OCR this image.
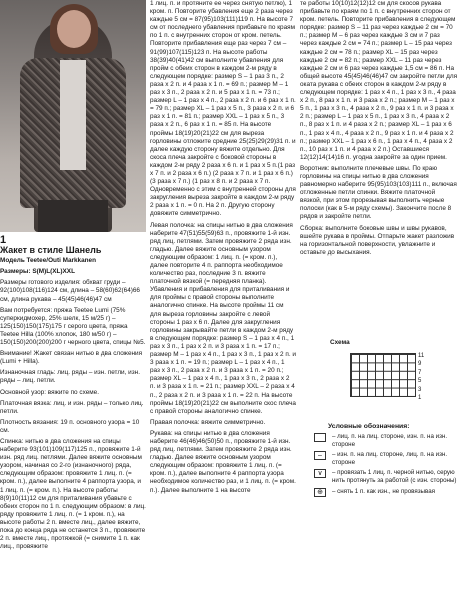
1
Жакет в стиле Шанель

Модель Teetee/Outi Markkanen

Размеры: S(M)L(XL)XXL

Размеры готового изделия: обхват груди – 92(100)108(116)124 см, длина – 58(60)62(64)66 см, длина рукава – 45(45)46(46)47 см

Вам потребуется: пряжа Teetee Lumi (75% суперкидмохер, 25% шелк, 15 м/25 г) – 125(150)150(175)175 г серого цвета, пряжа Teetee Hilla (100% хлопок, 180 м/50 г) – 150(150)200(200)200 г черного цвета, спицы №5.

Внимание! Жакет связан нитью в два сложения (Lumi + Hilla).

Изнаночная гладь: лиц. ряды – изн. петли, изн. ряды – лиц. петли.

Основной узор: вяжите по схеме.

Платочная вязка: лиц. и изн. ряды – только лиц. петли.

Плотность вязания: 19 п. основного узора = 10 см.

Спинка: нитью в два сложения на спицы наберите 93(101)109(117)125 п., провяжите 1-й изн. ряд лиц. петлями. Далее вяжите основным узором, начиная со 2-го (изнаночного) ряда, следующим образом: провяжите 1 лиц. п. (= кром. п.), далее выполните 4 раппорта узора, и 1 лиц. п. (= кром. п.). На высоте работы 8(9)10(11)12 см для приталивания убавьте с обеих сторон по 1 п. следующим образом: в лиц. ряду провяжите 1 лиц. п. (= 1 кром. п.), на высоте работы 2 п. вместе лиц., далее вяжите, пока до конца ряда не останется 3 п., провяжите 2 п. вместе лиц., протяжкой (= снимите 1 п. как лиц., провяжите

1 лиц. п. и протяните ее через снятую петлю), 1 кром. п. Повторите убавления еще 2 раза через каждые 5 см = 87(95)103(111)119 п. На высоте 7 см от последнего убавления прибавьте по краям по 1 п. с внутренних сторон от кром. петель. Повторите прибавления еще раз через 7 см – 91(99)107(115)123 п. На высоте работы 38(39)40(41)42 см выполните убавления для пройм с обеих сторон в каждом 2-м ряду в следующем порядке: размер S – 1 раз 3 п., 2 раза х 2 п. и 4 раза х 1 п. = 69 п.; размер M – 1 раз х 3 п., 2 раза х 2 п. и 5 раз х 1 п. = 73 п.; размер L – 1 раз х 4 п., 2 раза х 2 п. и 6 раз х 1 п. = 79 п.; размер XL – 1 раз х 5 п., 3 раза х 2 п. и 6 раз х 1 п. = 81 п.; размер XXL – 1 раз х 5 п., 3 раза х 2 п., 6 раз х 1 п. = 85 п. На высоте проймы 18(19)20(21)22 см для выреза горловины отложите средние 25(25)29(29)31 п. и далее каждую сторону вяжите отдельно. Для скоса плеча закройте с боковой стороны в каждом 2-м ряду 2 раза х 6 п. и 1 раз х 5 п.(1 раз х 7 п. и 2 раза х 6 п.) (2 раза х 7 п. и 1 раз х 6 п.) (3 раза х 7 п.) (1 раз х 8 п. и 2 раза х 7 п. Одновременно с этим с внутренней стороны для закругления выреза закройте в каждом 2-м ряду 2 раза х 1 п. = 0 п. На 2 п. Другую сторону довяжите симметрично.

Левая полочка: на спицы нитью в два сложения наберите 47(51)55(59)63 п., провяжите 1-й изн. ряд лиц. петлями. Затем провяжите 2 ряда изн. гладью. Далее вяжите основным узором следующим образом: 1 лиц. п. (= кром. п.), далее повторите 4 п. раппорта необходимое количество раз, последние 3 п. вяжите платочной вязкой (= передняя планка). Убавления и прибавления для приталивания и для проймы с правой стороны выполните аналогично спинке. На высоте проймы 11 см для выреза горловины закройте с левой стороны 1 раз х 6 п. Далее для закругления горловины закрывайте петли в каждом 2-м ряду в следующем порядке: размер S – 1 раз х 4 п., 1 раз х 3 п., 1 раз х 2 п. и 3 раза х 1 п. = 17 п.; размер M – 1 раз х 4 п., 1 раз х 3 п., 1 раз х 2 п. и 3 раза х 1 п. = 19 п.; размер L – 1 раз х 4 п., 1 раз х 3 п., 2 раза х 2 п. и 3 раза х 1 п. = 20 п.; размер XL – 1 раз х 4 п., 1 раз х 3 п., 2 раза х 2 п. и 3 раза х 1 п. = 21 п.; размер XXL – 2 раза х 4 п., 2 раза х 2 п. и 3 раза х 1 п. = 22 п. На высоте проймы 18(19)20(21)22 см выполните скос плеча с правой стороны аналогично спинке.

Правая полочка: вяжите симметрично.

Рукава: на спицы нитью в два сложения наберите 46(46)46(50)50 п., провяжите 1-й изн. ряд лиц. петлями. Затем провяжите 2 ряда изн. гладью. Далее вяжите основным узором следующим образом: провяжите 1 лиц. п. (= кром. п.), далее выполните 4 раппорта узора необходимое количество раз, и 1 лиц. п. (= кром. п.). Далее выполните 1 на высоте

те работы 10(10)12(12)12 см для скосов рукава прибавьте по краям по 1 п. с внутренних сторон от кром. петель. Повторите прибавления в следующем порядке: размер S – 11 раз через каждые 2 см = 70 п.; размер M – 6 раз через каждые 3 см и 7 раз через каждые 2 см = 74 п.; размер L – 15 раз через каждые 2 см = 78 п.; размер XL – 15 раз через каждые 2 см = 82 п.; размер XXL – 11 раз через каждые 2 см и 6 раз через каждые 1,5 см = 86 п. На общей высоте 45(45)46(46)47 см закройте петли для оката рукава с обеих сторон в каждом 2-м ряду в следующем порядке: 1 раз х 4 п., 1 раз х 3 п., 4 раза х 2 п., 8 раз х 1 п. и 3 раза х 2 п.; размер M – 1 раз х 5 п., 1 раз х 3 п., 4 раза х 2 п., 9 раз х 1 п. и 3 раза х 2 п.; размер L – 1 раз х 5 п., 1 раз х 3 п., 4 раза х 2 п., 8 раз х 1 п. и 4 раза х 2 п.; размер XL – 1 раз х 6 п., 1 раз х 4 п., 4 раза х 2 п., 9 раз х 1 п. и 4 раза х 2 п.; размер XXL – 1 раз х 6 п., 1 раз х 4 п., 4 раза х 2 п., 10 раз х 1 п. и 4 раза х 2 п.) Оставшиеся 12(12)14(14)16 п. угодна закройте за один прием.

Воротник: выполните плечевые швы. По краю горловины на спицы нитью в два сложения равномерно наберите 95(95)103(103)111 п., включая отложенные петли спинки. Вяжите платочной вязкой, при этом прорезывая выполнить черные полоски (как в 5-м ряду схемы). Закончите после 8 рядов и закройте петли.

Сборка: выполните боковые швы и швы рукавов, вшейте рукава в проймы. Отпарьте жакет разложив на горизонтальной поверхности, увлажните и оставьте до высыхания.

Схема
11
9
7
5
3
1
Условные обозначения:
– лиц. п. на лиц. стороне, изн. п. на изн. стороне
–	– изн. п. на лиц. стороне, лиц. п. на изн. стороне
∨	– провязать 1 лиц. п. черной нитью, серую нить протянуть за работой (с изн. стороны)
⊕	– снять 1 п. как изн., не провязывая
